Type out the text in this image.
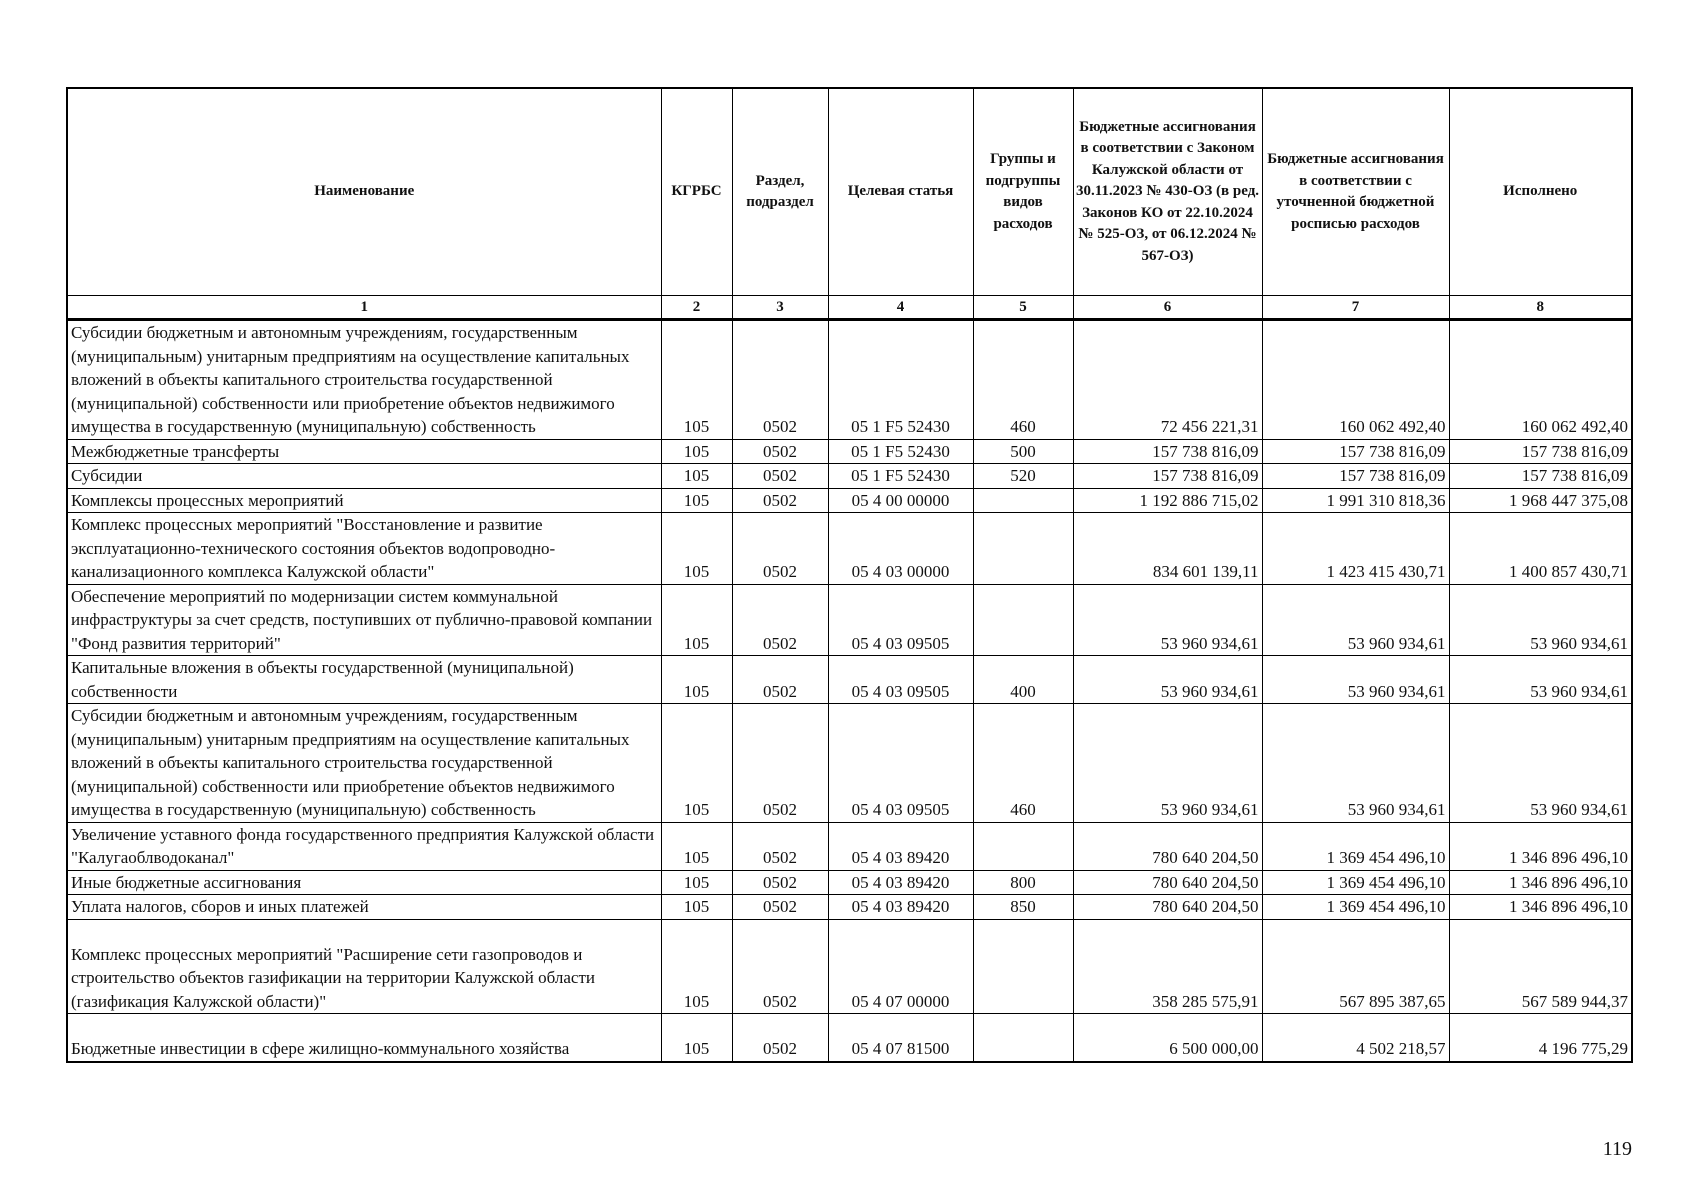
Наименование	КГРБС	Раздел, подраздел	Целевая статья	Группы и подгруппы видов расходов	Бюджетные ассигнования в соответствии с Законом Калужской области от 30.11.2023 № 430-ОЗ (в ред. Законов КО от 22.10.2024 № 525-ОЗ, от 06.12.2024 № 567-ОЗ)	Бюджетные ассигнования в соответствии с уточненной бюджетной росписью расходов	Исполнено
1	2	3	4	5	6	7	8
Субсидии бюджетным и автономным учреждениям, государственным (муниципальным) унитарным предприятиям на осуществление капитальных вложений в объекты капитального строительства государственной (муниципальной) собственности или приобретение объектов недвижимого имущества в государственную (муниципальную) собственность	105	0502	05 1 F5 52430	460	72 456 221,31	160 062 492,40	160 062 492,40
Межбюджетные трансферты	105	0502	05 1 F5 52430	500	157 738 816,09	157 738 816,09	157 738 816,09
Субсидии	105	0502	05 1 F5 52430	520	157 738 816,09	157 738 816,09	157 738 816,09
Комплексы процессных мероприятий	105	0502	05 4 00 00000		1 192 886 715,02	1 991 310 818,36	1 968 447 375,08
Комплекс процессных мероприятий "Восстановление и развитие эксплуатационно-технического состояния объектов водопроводно-канализационного комплекса Калужской области"	105	0502	05 4 03 00000		834 601 139,11	1 423 415 430,71	1 400 857 430,71
Обеспечение мероприятий по модернизации систем коммунальной инфраструктуры за счет средств, поступивших от публично-правовой компании "Фонд развития территорий"	105	0502	05 4 03 09505		53 960 934,61	53 960 934,61	53 960 934,61
Капитальные вложения в объекты государственной (муниципальной) собственности	105	0502	05 4 03 09505	400	53 960 934,61	53 960 934,61	53 960 934,61
Субсидии бюджетным и автономным учреждениям, государственным (муниципальным) унитарным предприятиям на осуществление капитальных вложений в объекты капитального строительства государственной (муниципальной) собственности или приобретение объектов недвижимого имущества в государственную (муниципальную) собственность	105	0502	05 4 03 09505	460	53 960 934,61	53 960 934,61	53 960 934,61
Увеличение уставного фонда государственного предприятия Калужской области "Калугаоблводоканал"	105	0502	05 4 03 89420		780 640 204,50	1 369 454 496,10	1 346 896 496,10
Иные бюджетные ассигнования	105	0502	05 4 03 89420	800	780 640 204,50	1 369 454 496,10	1 346 896 496,10
Уплата налогов, сборов и иных платежей	105	0502	05 4 03 89420	850	780 640 204,50	1 369 454 496,10	1 346 896 496,10
Комплекс процессных мероприятий "Расширение сети газопроводов и строительство объектов газификации на территории Калужской области (газификация Калужской области)"	105	0502	05 4 07 00000		358 285 575,91	567 895 387,65	567 589 944,37
Бюджетные инвестиции в сфере жилищно-коммунального хозяйства	105	0502	05 4 07 81500		6 500 000,00	4 502 218,57	4 196 775,29
119
